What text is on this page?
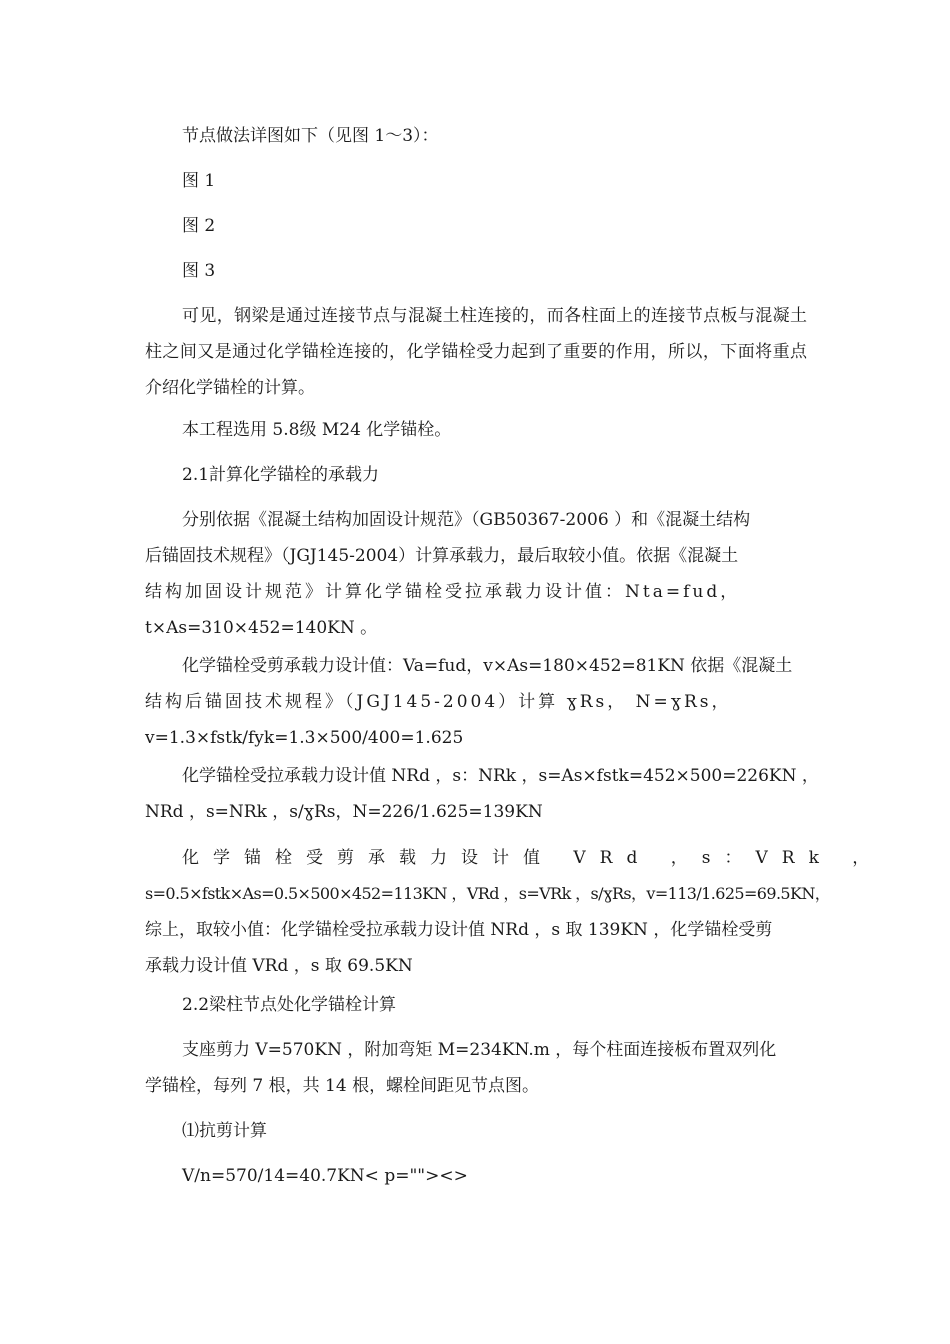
节点做法详图如下（见图 1～3）：

图 1

图 2

图 3

可见，钢梁是通过连接节点与混凝土柱连接的，而各柱面上的连接节点板与混凝土柱之间又是通过化学锚栓连接的，化学锚栓受力起到了重要的作用，所以，下面将重点介绍化学锚栓的计算。

本工程选用 5.8级 M24 化学锚栓。

2.1計算化学锚栓的承载力

分别依据《混凝土结构加固设计规范》（GB50367-2006 ）和《混凝土结构
后锚固技术规程》（JGJ145-2004）计算承载力，最后取较小值。依据《混凝土
结构加固设计规范》计算化学锚栓受拉承载力设计值：Nta=fud，
t×As=310×452=140KN 。
化学锚栓受剪承载力设计值：Va=fud，v×As=180×452=81KN 依据《混凝土
结构后锚固技术规程》（JGJ145-2004）计算 ɣRs， N=ɣRs，
v=1.3×fstk/fyk=1.3×500/400=1.625
化学锚栓受拉承载力设计值 NRd ，s：NRk ，s=As×fstk=452×500=226KN ，
NRd ，s=NRk ，s/ɣRs，N=226/1.625=139KN
化学锚栓受剪承载力设计值 VRd ，s：VRk ，
s=0.5×fstk×As=0.5×500×452=113KN ，VRd ，s=VRk ，s/ɣRs，v=113/1.625=69.5KN，
综上，取较小值：化学锚栓受拉承载力设计值 NRd ，s 取 139KN ，化学锚栓受剪
承载力设计值 VRd ，s 取 69.5KN

2.2梁柱节点处化学锚栓计算

支座剪力 V=570KN ，附加弯矩 M=234KN.m ，每个柱面连接板布置双列化
学锚栓，每列 7 根，共 14 根，螺栓间距见节点图。

⑴抗剪计算

V/n=570/14=40.7KN< p=""><>
